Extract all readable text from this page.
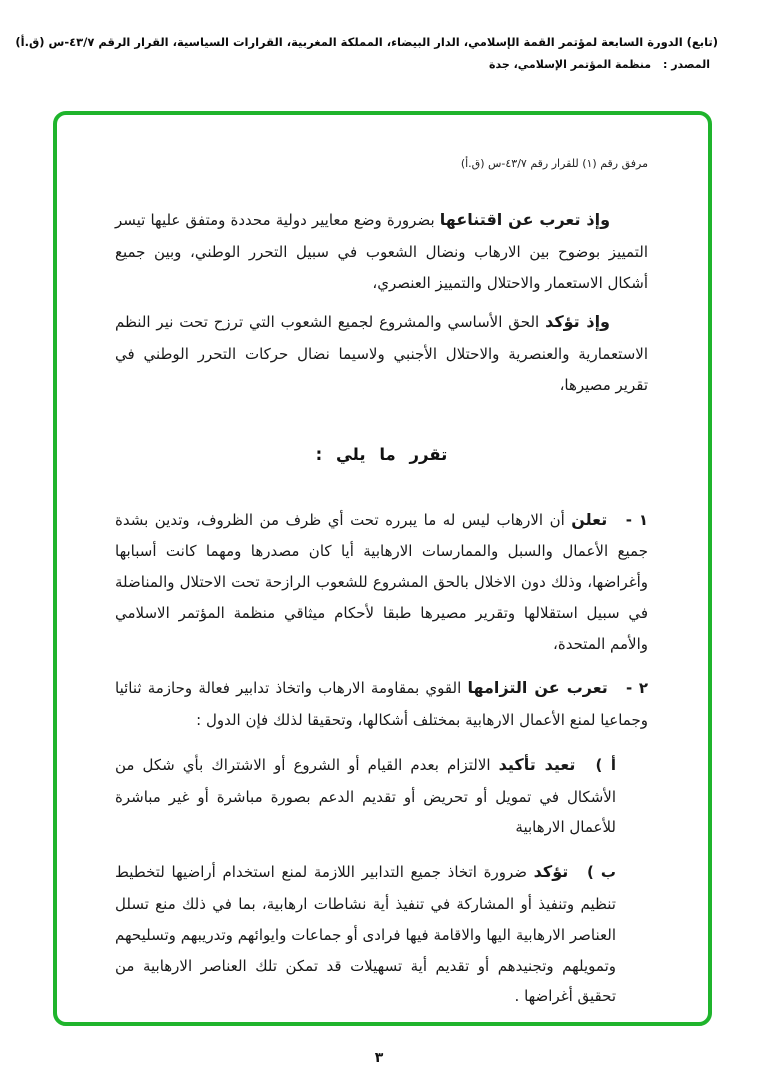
(تابع) الدورة السابعة لمؤتمر القمة الإسلامي، الدار البيضاء، المملكة المغربية، القرارات السياسية، القرار الرقم ٤٣/٧-س (ق.أ)
المصدر : منظمة المؤتمر الإسلامي، جدة
مرفق رقم (١) للقرار رقم ٤٣/٧-س (ق.أ)

وإذ تعرب عن اقتناعها بضرورة وضع معايير دولية محددة ومتفق عليها تيسر التمييز بوضوح بين الارهاب ونضال الشعوب في سبيل التحرر الوطني، وبين جميع أشكال الاستعمار والاحتلال والتمييز العنصري،

وإذ تؤكد الحق الأساسي والمشروع لجميع الشعوب التي ترزح تحت نير النظم الاستعمارية والعنصرية والاحتلال الأجنبي ولاسيما نضال حركات التحرر الوطني في تقرير مصيرها،

تقرر ما يلي :

١ - تعلن أن الارهاب ليس له ما يبرره تحت أي ظرف من الظروف، وتدين بشدة جميع الأعمال والسبل والممارسات الارهابية أيا كان مصدرها ومهما كانت أسبابها وأغراضها، وذلك دون الاخلال بالحق المشروع للشعوب الرازحة تحت الاحتلال والمناضلة في سبيل استقلالها وتقرير مصيرها طبقا لأحكام ميثاقي منظمة المؤتمر الاسلامي والأمم المتحدة،

٢ - تعرب عن التزامها القوي بمقاومة الارهاب واتخاذ تدابير فعالة وحازمة ثنائيا وجماعيا لمنع الأعمال الارهابية بمختلف أشكالها، وتحقيقا لذلك فإن الدول :

أ ) تعيد تأكيد الالتزام بعدم القيام أو الشروع أو الاشتراك بأي شكل من الأشكال في تمويل أو تحريض أو تقديم الدعم بصورة مباشرة أو غير مباشرة للأعمال الارهابية

ب ) تؤكد ضرورة اتخاذ جميع التدابير اللازمة لمنع استخدام أراضيها لتخطيط تنظيم وتنفيذ أو المشاركة في تنفيذ أية نشاطات ارهابية، بما في ذلك منع تسلل العناصر الارهابية اليها والاقامة فيها فرادى أو جماعات وايوائهم وتدريبهم وتسليحهم وتمويلهم وتجنيدهم أو تقديم أية تسهيلات قد تمكن تلك العناصر الارهابية من تحقيق أغراضها .

٣
